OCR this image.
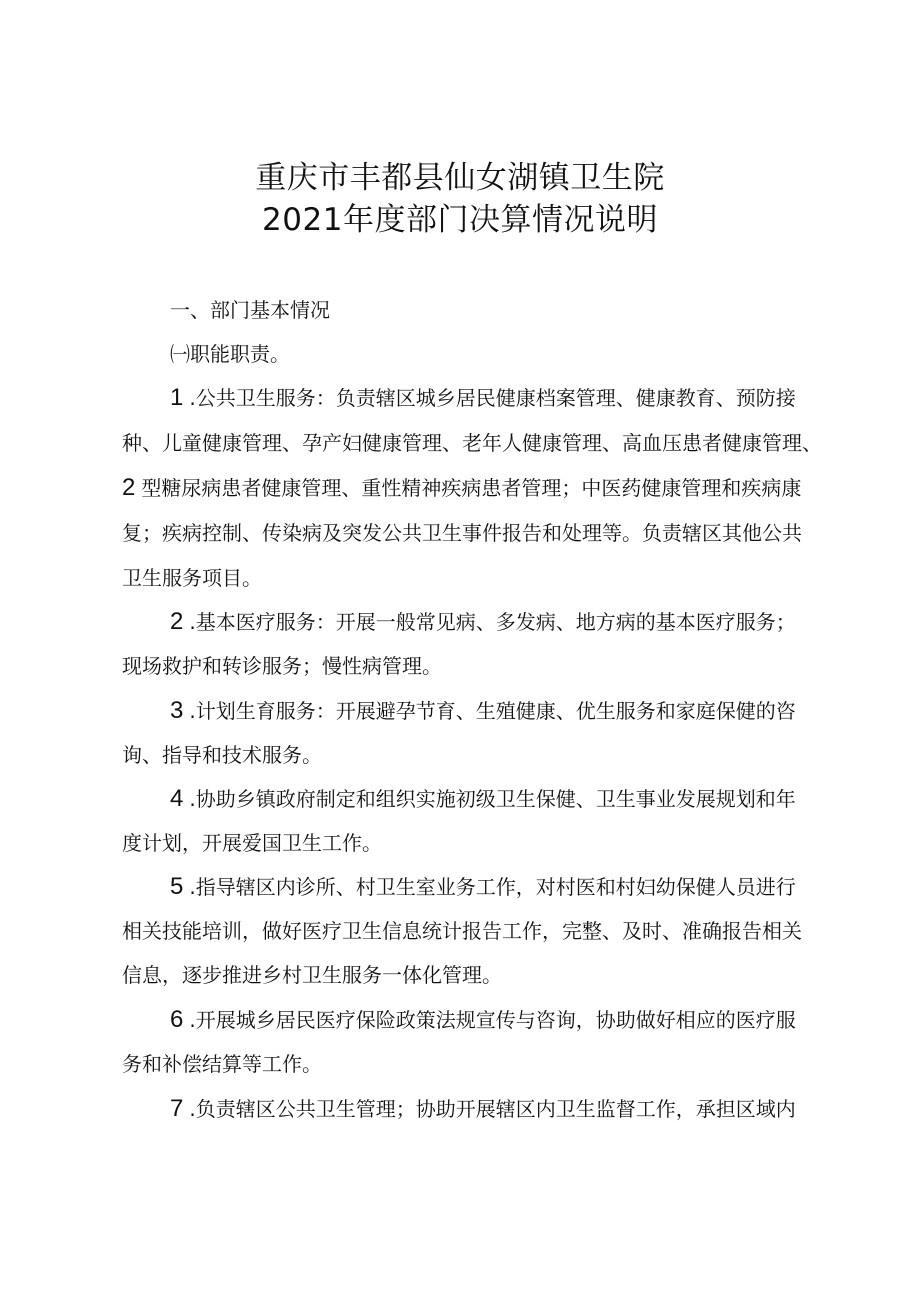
重庆市丰都县仙女湖镇卫生院
2021年度部门决算情况说明
一、部门基本情况
㈠职能职责。
1 .公共卫生服务：负责辖区城乡居民健康档案管理、健康教育、预防接
种、儿童健康管理、孕产妇健康管理、老年人健康管理、高血压患者健康管理、
2 型糖尿病患者健康管理、重性精神疾病患者管理；中医药健康管理和疾病康
复；疾病控制、传染病及突发公共卫生事件报告和处理等。负责辖区其他公共
卫生服务项目。
2 .基本医疗服务：开展一般常见病、多发病、地方病的基本医疗服务；
现场救护和转诊服务；慢性病管理。
3 .计划生育服务：开展避孕节育、生殖健康、优生服务和家庭保健的咨
询、指导和技术服务。
4 .协助乡镇政府制定和组织实施初级卫生保健、卫生事业发展规划和年
度计划，开展爱国卫生工作。
5 .指导辖区内诊所、村卫生室业务工作，对村医和村妇幼保健人员进行
相关技能培训，做好医疗卫生信息统计报告工作，完整、及时、准确报告相关
信息，逐步推进乡村卫生服务一体化管理。
6 .开展城乡居民医疗保险政策法规宣传与咨询，协助做好相应的医疗服
务和补偿结算等工作。
7 .负责辖区公共卫生管理；协助开展辖区内卫生监督工作，承担区域内
